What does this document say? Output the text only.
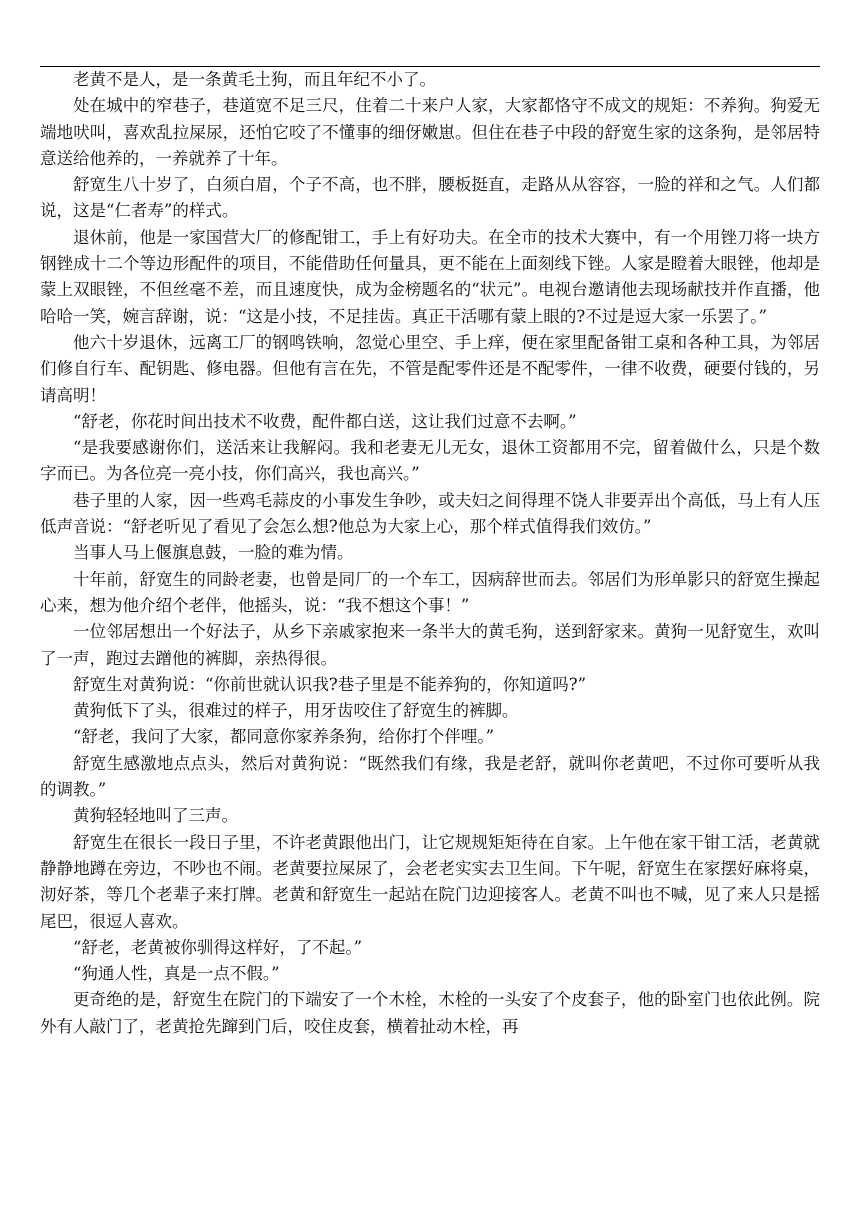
老黄不是人，是一条黄毛土狗，而且年纪不小了。

处在城中的窄巷子，巷道宽不足三尺，住着二十来户人家，大家都恪守不成文的规矩：不养狗。狗爱无端地吠叫，喜欢乱拉屎尿，还怕它咬了不懂事的细伢嫩崽。但住在巷子中段的舒宽生家的这条狗，是邻居特意送给他养的，一养就养了十年。

舒宽生八十岁了，白须白眉，个子不高，也不胖，腰板挺直，走路从从容容，一脸的祥和之气。人们都说，这是“仁者寿”的样式。

退休前，他是一家国营大厂的修配钳工，手上有好功夫。在全市的技术大赛中，有一个用锉刀将一块方钢锉成十二个等边形配件的项目，不能借助任何量具，更不能在上面刻线下锉。人家是瞪着大眼锉，他却是蒙上双眼锉，不但丝毫不差，而且速度快，成为金榜题名的“状元”。电视台邀请他去现场献技并作直播，他哈哈一笑，婉言辞谢，说：“这是小技，不足挂齿。真正干活哪有蒙上眼的?不过是逗大家一乐罢了。”

他六十岁退休，远离工厂的钢鸣铁响，忽觉心里空、手上痒，便在家里配备钳工桌和各种工具，为邻居们修自行车、配钥匙、修电器。但他有言在先，不管是配零件还是不配零件，一律不收费，硬要付钱的，另请高明！

“舒老，你花时间出技术不收费，配件都白送，这让我们过意不去啊。”

“是我要感谢你们，送活来让我解闷。我和老妻无儿无女，退休工资都用不完，留着做什么，只是个数字而已。为各位亮一亮小技，你们高兴，我也高兴。”

巷子里的人家，因一些鸡毛蒜皮的小事发生争吵，或夫妇之间得理不饶人非要弄出个高低，马上有人压低声音说：“舒老听见了看见了会怎么想?他总为大家上心，那个样式值得我们效仿。”

当事人马上偃旗息鼓，一脸的难为情。

十年前，舒宽生的同龄老妻，也曾是同厂的一个车工，因病辞世而去。邻居们为形单影只的舒宽生操起心来，想为他介绍个老伴，他摇头，说：“我不想这个事！”

一位邻居想出一个好法子，从乡下亲戚家抱来一条半大的黄毛狗，送到舒家来。黄狗一见舒宽生，欢叫了一声，跑过去蹭他的裤脚，亲热得很。

舒宽生对黄狗说：“你前世就认识我?巷子里是不能养狗的，你知道吗?”

黄狗低下了头，很难过的样子，用牙齿咬住了舒宽生的裤脚。

“舒老，我问了大家，都同意你家养条狗，给你打个伴哩。”

舒宽生感激地点点头，然后对黄狗说：“既然我们有缘，我是老舒，就叫你老黄吧，不过你可要听从我的调教。”

黄狗轻轻地叫了三声。

舒宽生在很长一段日子里，不许老黄跟他出门，让它规规矩矩待在自家。上午他在家干钳工活，老黄就静静地蹲在旁边，不吵也不闹。老黄要拉屎尿了，会老老实实去卫生间。下午呢，舒宽生在家摆好麻将桌，沏好茶，等几个老辈子来打牌。老黄和舒宽生一起站在院门边迎接客人。老黄不叫也不喊，见了来人只是摇尾巴，很逗人喜欢。

“舒老，老黄被你驯得这样好，了不起。”

“狗通人性，真是一点不假。”

更奇绝的是，舒宽生在院门的下端安了一个木栓，木栓的一头安了个皮套子，他的卧室门也依此例。院外有人敲门了，老黄抢先蹿到门后，咬住皮套，横着扯动木栓，再
